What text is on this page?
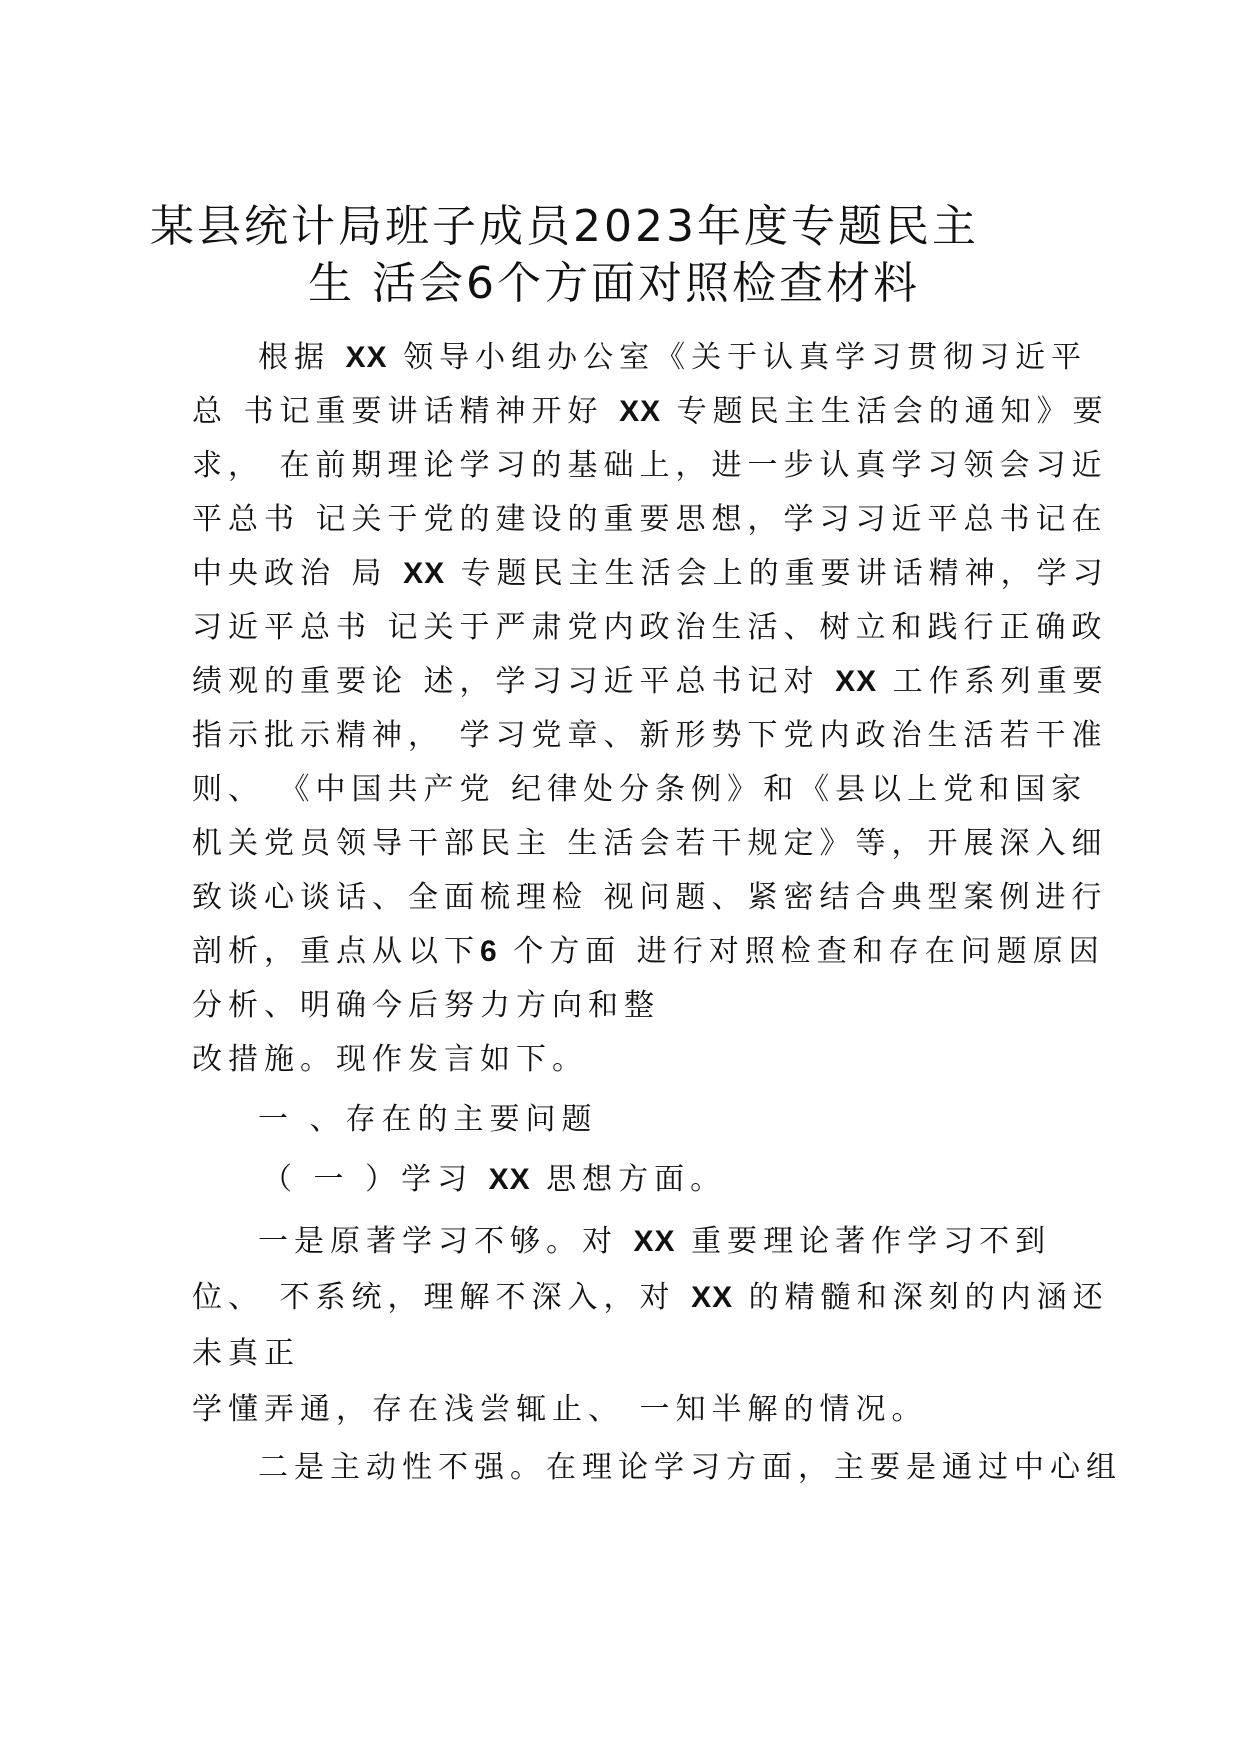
某县统计局班子成员2023年度专题民主
生 活会6个方面对照检查材料
根据 XX 领导小组办公室《关于认真学习贯彻习近平
总 书记重要讲话精神开好 XX 专题民主生活会的通知》要
求， 在前期理论学习的基础上，进一步认真学习领会习近
平总书 记关于党的建设的重要思想，学习习近平总书记在
中央政治 局 XX 专题民主生活会上的重要讲话精神，学习
习近平总书 记关于严肃党内政治生活、树立和践行正确政
绩观的重要论 述，学习习近平总书记对 XX 工作系列重要
指示批示精神， 学习党章、新形势下党内政治生活若干准
则、 《中国共产党 纪律处分条例》和《县以上党和国家
机关党员领导干部民主 生活会若干规定》等，开展深入细
致谈心谈话、全面梳理检 视问题、紧密结合典型案例进行
剖析，重点从以下6 个方面 进行对照检查和存在问题原因
分析、明确今后努力方向和整
改措施。现作发言如下。
一 、存在的主要问题
（ 一 ）学习 XX 思想方面。
一是原著学习不够。对 XX 重要理论著作学习不到
位、 不系统，理解不深入，对 XX 的精髓和深刻的内涵还
未真正
学懂弄通，存在浅尝辄止、 一知半解的情况。
二是主动性不强。在理论学习方面，主要是通过中心组
